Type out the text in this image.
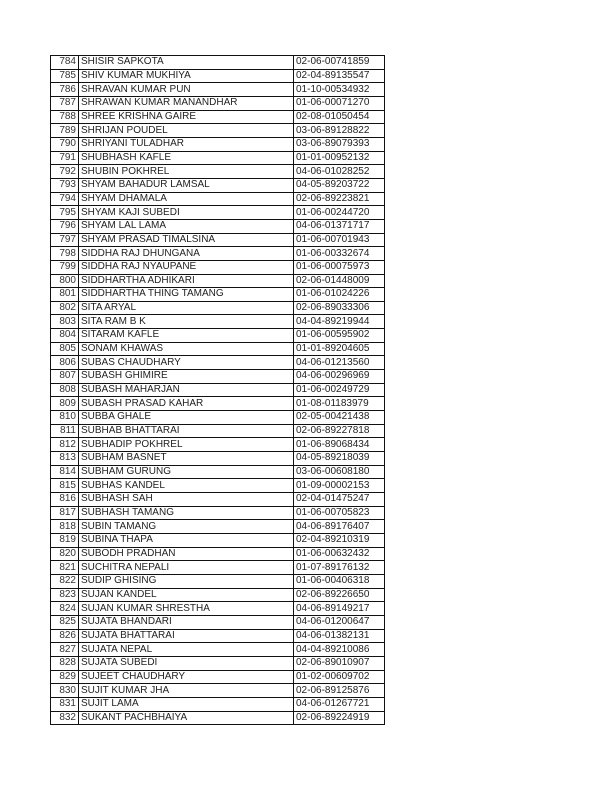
784	SHISIR SAPKOTA	02-06-00741859
785	SHIV KUMAR MUKHIYA	02-04-89135547
786	SHRAVAN KUMAR PUN	01-10-00534932
787	SHRAWAN KUMAR MANANDHAR	01-06-00071270
788	SHREE KRISHNA GAIRE	02-08-01050454
789	SHRIJAN POUDEL	03-06-89128822
790	SHRIYANI TULADHAR	03-06-89079393
791	SHUBHASH KAFLE	01-01-00952132
792	SHUBIN POKHREL	04-06-01028252
793	SHYAM BAHADUR LAMSAL	04-05-89203722
794	SHYAM DHAMALA	02-06-89223821
795	SHYAM KAJI SUBEDI	01-06-00244720
796	SHYAM LAL LAMA	04-06-01371717
797	SHYAM PRASAD TIMALSINA	01-06-00701943
798	SIDDHA RAJ DHUNGANA	01-06-00332674
799	SIDDHA RAJ NYAUPANE	01-06-00075973
800	SIDDHARTHA ADHIKARI	02-06-01448009
801	SIDDHARTHA THING TAMANG	01-06-01024226
802	SITA ARYAL	02-06-89033306
803	SITA RAM B K	04-04-89219944
804	SITARAM KAFLE	01-06-00595902
805	SONAM KHAWAS	01-01-89204605
806	SUBAS CHAUDHARY	04-06-01213560
807	SUBASH GHIMIRE	04-06-00296969
808	SUBASH MAHARJAN	01-06-00249729
809	SUBASH PRASAD KAHAR	01-08-01183979
810	SUBBA GHALE	02-05-00421438
811	SUBHAB BHATTARAI	02-06-89227818
812	SUBHADIP POKHREL	01-06-89068434
813	SUBHAM BASNET	04-05-89218039
814	SUBHAM GURUNG	03-06-00608180
815	SUBHAS KANDEL	01-09-00002153
816	SUBHASH SAH	02-04-01475247
817	SUBHASH TAMANG	01-06-00705823
818	SUBIN TAMANG	04-06-89176407
819	SUBINA THAPA	02-04-89210319
820	SUBODH PRADHAN	01-06-00632432
821	SUCHITRA NEPALI	01-07-89176132
822	SUDIP GHISING	01-06-00406318
823	SUJAN KANDEL	02-06-89226650
824	SUJAN KUMAR SHRESTHA	04-06-89149217
825	SUJATA BHANDARI	04-06-01200647
826	SUJATA BHATTARAI	04-06-01382131
827	SUJATA NEPAL	04-04-89210086
828	SUJATA SUBEDI	02-06-89010907
829	SUJEET CHAUDHARY	01-02-00609702
830	SUJIT KUMAR JHA	02-06-89125876
831	SUJIT LAMA	04-06-01267721
832	SUKANT PACHBHAIYA	02-06-89224919
